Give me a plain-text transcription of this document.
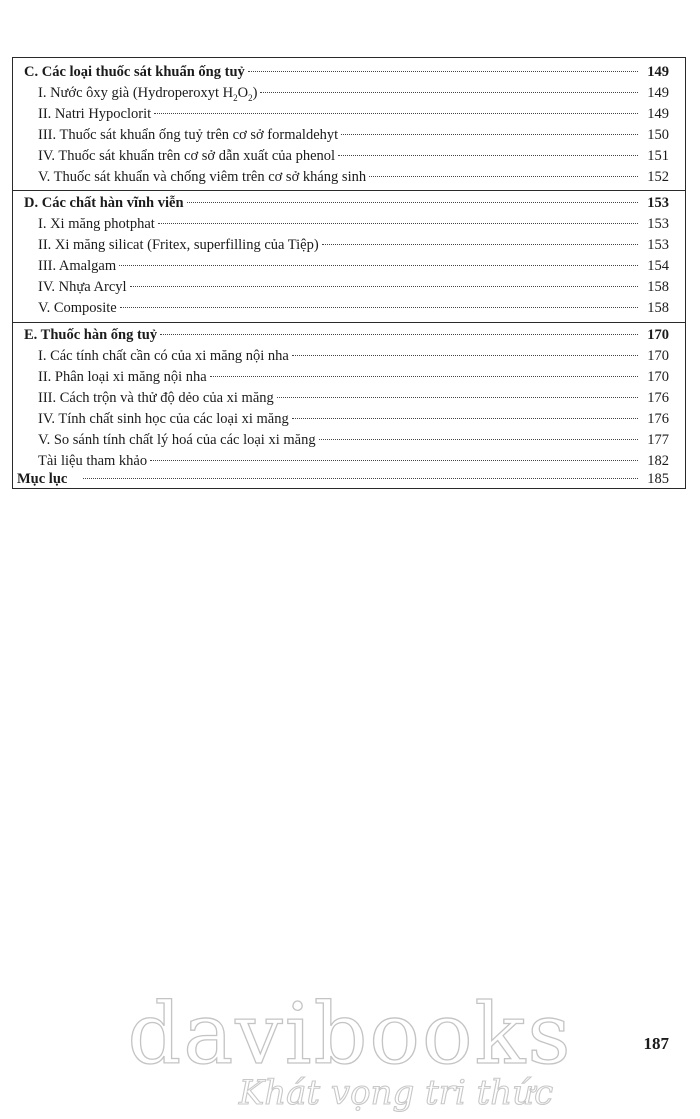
C. Các loại thuốc sát khuẩn ống tuỷ	149
I. Nước ôxy già (Hydroperoxyt $H_2O_2$)	149
II. Natri Hypoclorit	149
III. Thuốc sát khuẩn ống tuỷ trên cơ sở formaldehyt	150
IV. Thuốc sát khuẩn trên cơ sở dẫn xuất của phenol	151
V. Thuốc sát khuẩn và chống viêm trên cơ sở kháng sinh	152
D. Các chất hàn vĩnh viễn	153
I. Xi măng photphat	153
II. Xi măng silicat (Fritex, superfilling của Tiệp)	153
III. Amalgam	154
IV. Nhựa Arcyl	158
V. Composite	158
E. Thuốc hàn ống tuỷ	170
I. Các tính chất cần có của xi măng nội nha	170
II. Phân loại xi măng nội nha	170
III. Cách trộn và thử độ dẻo của xi măng	176
IV. Tính chất sinh học của các loại xi măng	176
V. So sánh tính chất lý hoá của các loại xi măng	177
Tài liệu tham khảo	182
Mục lục	185
davibooks
Khát vọng tri thức
187
